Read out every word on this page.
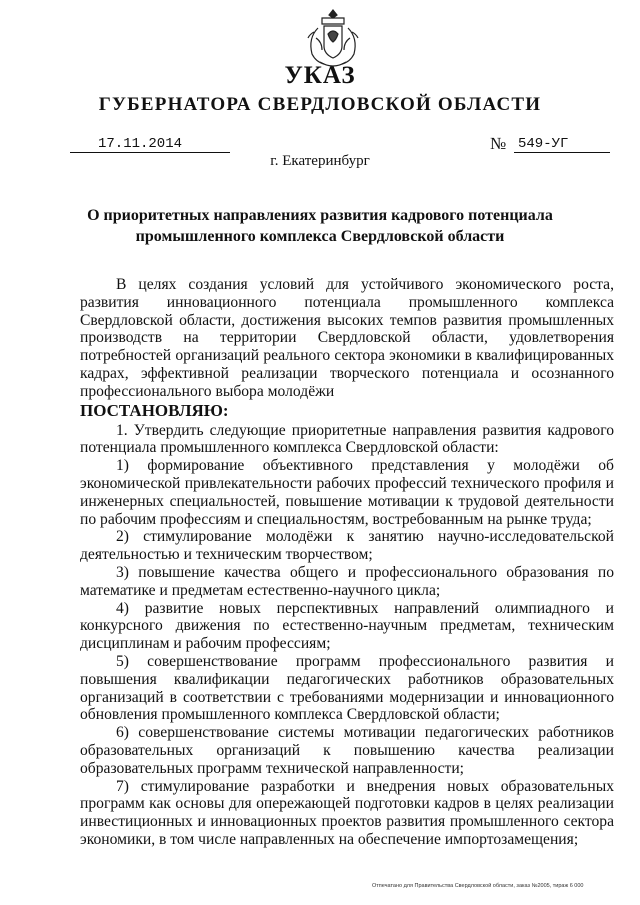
УКАЗ
ГУБЕРНАТОРА СВЕРДЛОВСКОЙ ОБЛАСТИ
17.11.2014	№ 549-УГ
г. Екатеринбург
О приоритетных направлениях развития кадрового потенциала
промышленного комплекса Свердловской области

В целях создания условий для устойчивого экономического роста, развития инновационного потенциала промышленного комплекса Свердловской области, достижения высоких темпов развития промышленных производств на территории Свердловской области, удовлетворения потребностей организаций реального сектора экономики в квалифицированных кадрах, эффективной реализации творческого потенциала и осознанного профессионального выбора молодёжи

ПОСТАНОВЛЯЮ:

1. Утвердить следующие приоритетные направления развития кадрового потенциала промышленного комплекса Свердловской области:

1) формирование объективного представления у молодёжи об экономической привлекательности рабочих профессий технического профиля и инженерных специальностей, повышение мотивации к трудовой деятельности по рабочим профессиям и специальностям, востребованным на рынке труда;

2) стимулирование молодёжи к занятию научно-исследовательской деятельностью и техническим творчеством;

3) повышение качества общего и профессионального образования по математике и предметам естественно-научного цикла;

4) развитие новых перспективных направлений олимпиадного и конкурсного движения по естественно-научным предметам, техническим дисциплинам и рабочим профессиям;

5) совершенствование программ профессионального развития и повышения квалификации педагогических работников образовательных организаций в соответствии с требованиями модернизации и инновационного обновления промышленного комплекса Свердловской области;

6) совершенствование системы мотивации педагогических работников образовательных организаций к повышению качества реализации образовательных программ технической направленности;

7) стимулирование разработки и внедрения новых образовательных программ как основы для опережающей подготовки кадров в целях реализации инвестиционных и инновационных проектов развития промышленного сектора экономики, в том числе направленных на обеспечение импортозамещения;

Отпечатано для Правительства Свердловской области, заказ №2005, тираж 6 000
